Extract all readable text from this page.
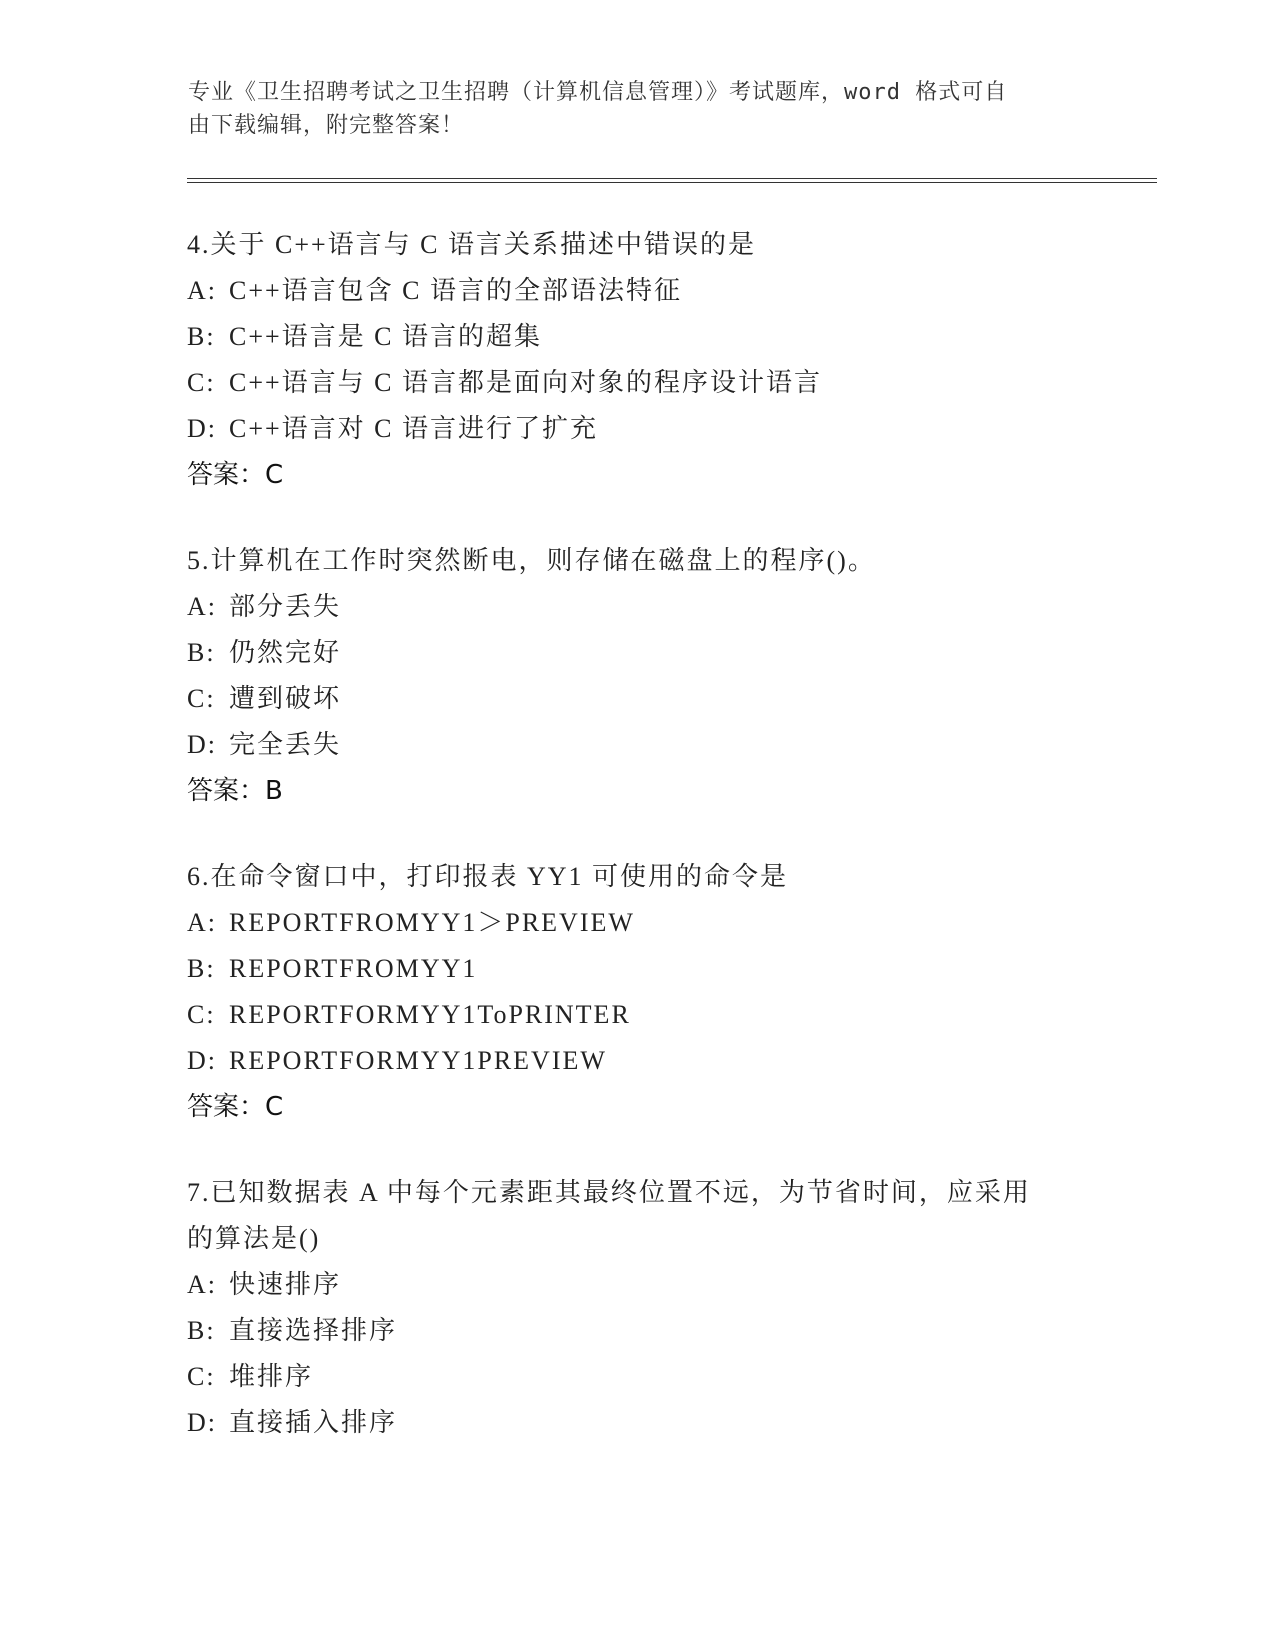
专业《卫生招聘考试之卫生招聘（计算机信息管理）》考试题库，word 格式可自
由下载编辑，附完整答案！
4.关于 C++语言与 C 语言关系描述中错误的是
A: C++语言包含 C 语言的全部语法特征
B: C++语言是 C 语言的超集
C: C++语言与 C 语言都是面向对象的程序设计语言
D: C++语言对 C 语言进行了扩充
答案：C
5.计算机在工作时突然断电，则存储在磁盘上的程序()。
A: 部分丢失
B: 仍然完好
C: 遭到破坏
D: 完全丢失
答案：B
6.在命令窗口中，打印报表 YY1 可使用的命令是
A: REPORTFROMYY1＞PREVIEW
B: REPORTFROMYY1
C: REPORTFORMYY1ToPRINTER
D: REPORTFORMYY1PREVIEW
答案：C
7.已知数据表 A 中每个元素距其最终位置不远，为节省时间，应采用
的算法是()
A: 快速排序
B: 直接选择排序
C: 堆排序
D: 直接插入排序
